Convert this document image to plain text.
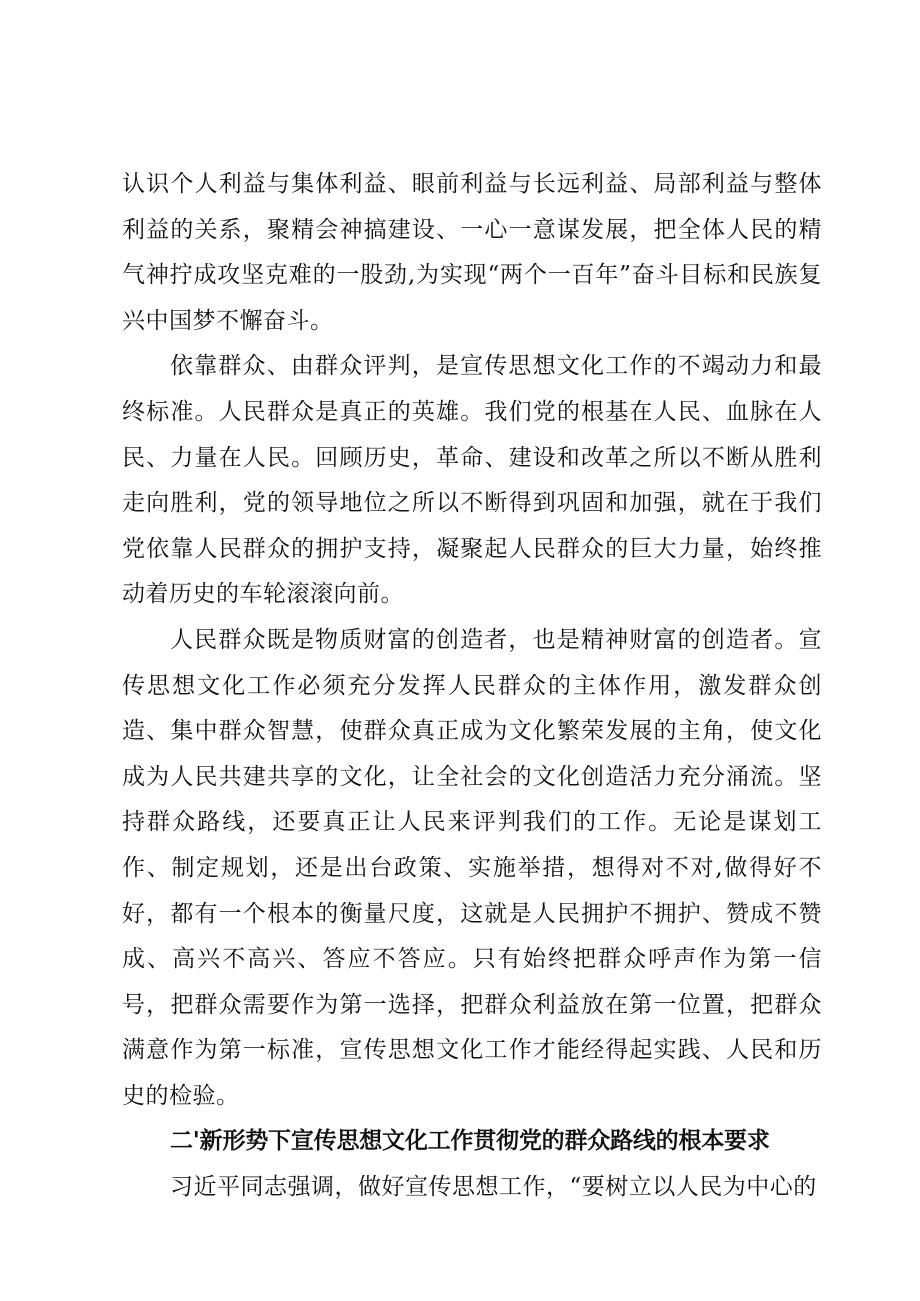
认识个人利益与集体利益、眼前利益与长远利益、局部利益与整体利益的关系，聚精会神搞建设、一心一意谋发展，把全体人民的精气神拧成攻坚克难的一股劲,为实现“两个一百年”奋斗目标和民族复兴中国梦不懈奋斗。

依靠群众、由群众评判，是宣传思想文化工作的不竭动力和最终标准。人民群众是真正的英雄。我们党的根基在人民、血脉在人民、力量在人民。回顾历史，革命、建设和改革之所以不断从胜利走向胜利，党的领导地位之所以不断得到巩固和加强，就在于我们党依靠人民群众的拥护支持，凝聚起人民群众的巨大力量，始终推动着历史的车轮滚滚向前。

人民群众既是物质财富的创造者，也是精神财富的创造者。宣传思想文化工作必须充分发挥人民群众的主体作用，激发群众创造、集中群众智慧，使群众真正成为文化繁荣发展的主角，使文化成为人民共建共享的文化，让全社会的文化创造活力充分涌流。坚持群众路线，还要真正让人民来评判我们的工作。无论是谋划工作、制定规划，还是出台政策、实施举措，想得对不对,做得好不好，都有一个根本的衡量尺度，这就是人民拥护不拥护、赞成不赞成、高兴不高兴、答应不答应。只有始终把群众呼声作为第一信号，把群众需要作为第一选择，把群众利益放在第一位置，把群众满意作为第一标准，宣传思想文化工作才能经得起实践、人民和历史的检验。

二'新形势下宣传思想文化工作贯彻党的群众路线的根本要求

习近平同志强调，做好宣传思想工作，“要树立以人民为中心的
